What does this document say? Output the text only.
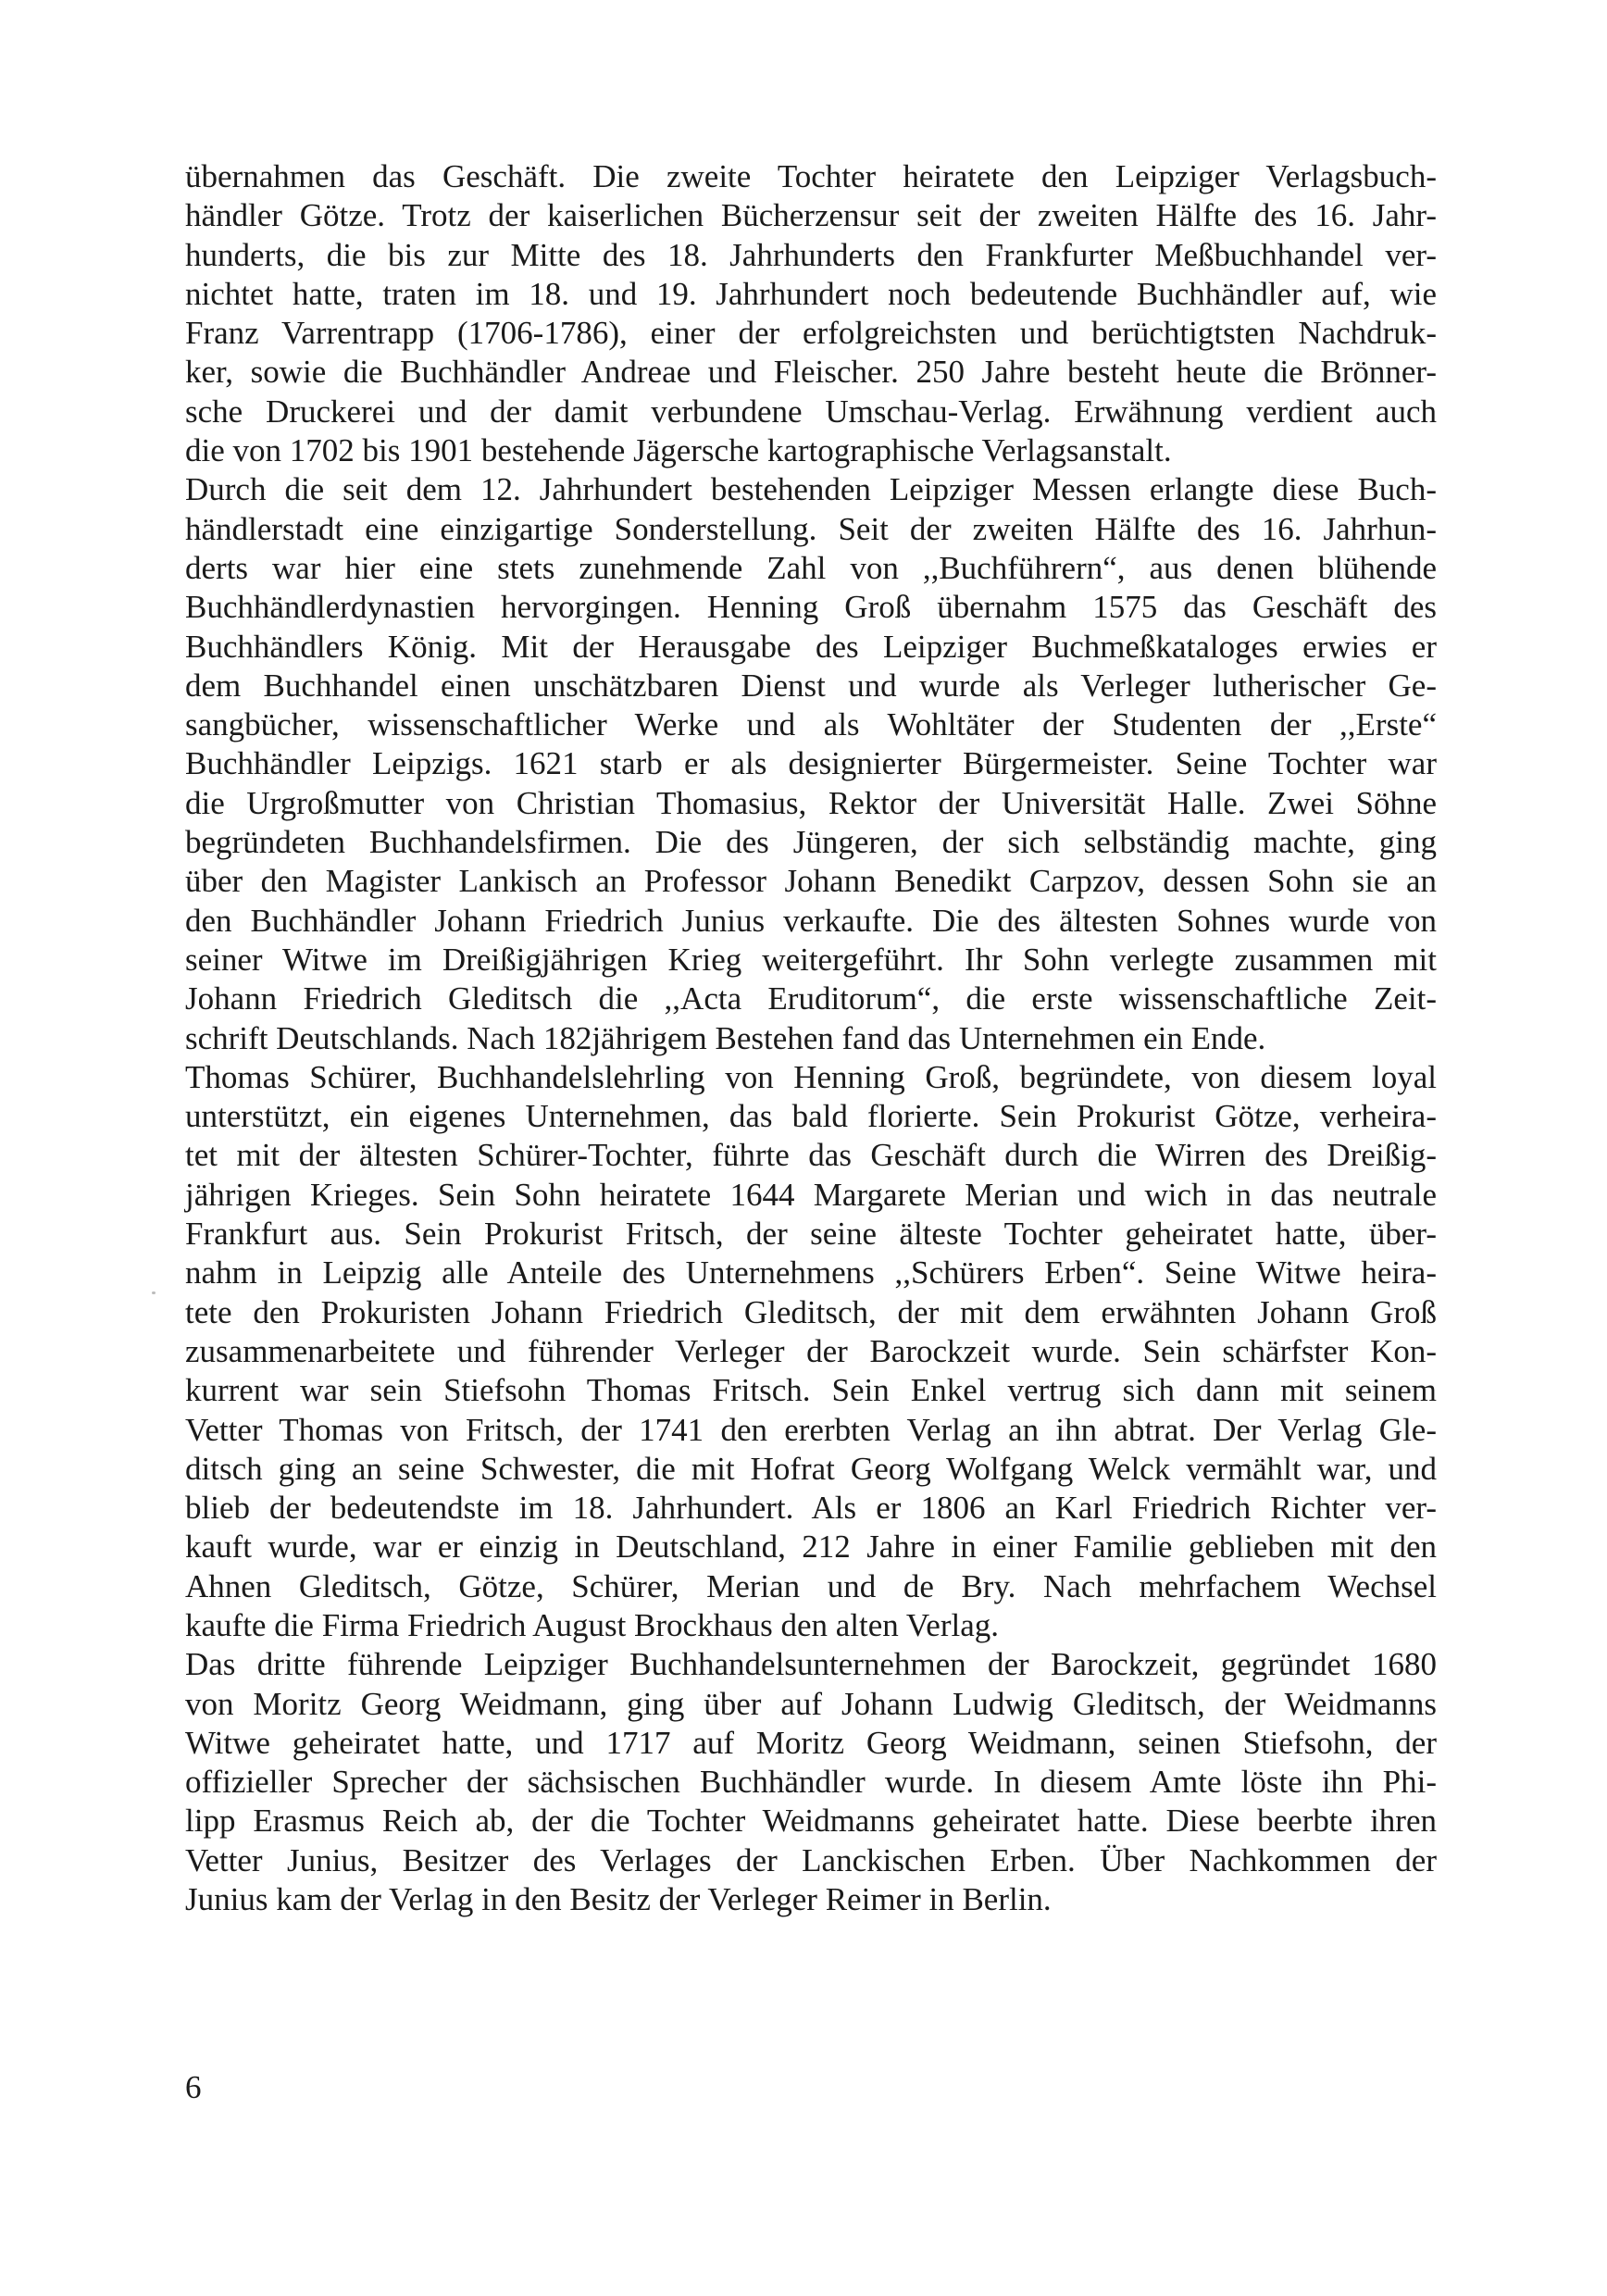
übernahmen das Geschäft. Die zweite Tochter heiratete den Leipziger Verlagsbuch-
händler Götze. Trotz der kaiserlichen Bücherzensur seit der zweiten Hälfte des 16. Jahr-
hunderts, die bis zur Mitte des 18. Jahrhunderts den Frankfurter Meßbuchhandel ver-
nichtet hatte, traten im 18. und 19. Jahrhundert noch bedeutende Buchhändler auf, wie
Franz Varrentrapp (1706-1786), einer der erfolgreichsten und berüchtigtsten Nachdruk-
ker, sowie die Buchhändler Andreae und Fleischer. 250 Jahre besteht heute die Brönner-
sche Druckerei und der damit verbundene Umschau-Verlag. Erwähnung verdient auch
die von 1702 bis 1901 bestehende Jägersche kartographische Verlagsanstalt.
Durch die seit dem 12. Jahrhundert bestehenden Leipziger Messen erlangte diese Buch-
händlerstadt eine einzigartige Sonderstellung. Seit der zweiten Hälfte des 16. Jahrhun-
derts war hier eine stets zunehmende Zahl von ,,Buchführern“, aus denen blühende
Buchhändlerdynastien hervorgingen. Henning Groß übernahm 1575 das Geschäft des
Buchhändlers König. Mit der Herausgabe des Leipziger Buchmeßkataloges erwies er
dem Buchhandel einen unschätzbaren Dienst und wurde als Verleger lutherischer Ge-
sangbücher, wissenschaftlicher Werke und als Wohltäter der Studenten der ,,Erste“
Buchhändler Leipzigs. 1621 starb er als designierter Bürgermeister. Seine Tochter war
die Urgroßmutter von Christian Thomasius, Rektor der Universität Halle. Zwei Söhne
begründeten Buchhandelsfirmen. Die des Jüngeren, der sich selbständig machte, ging
über den Magister Lankisch an Professor Johann Benedikt Carpzov, dessen Sohn sie an
den Buchhändler Johann Friedrich Junius verkaufte. Die des ältesten Sohnes wurde von
seiner Witwe im Dreißigjährigen Krieg weitergeführt. Ihr Sohn verlegte zusammen mit
Johann Friedrich Gleditsch die ,,Acta Eruditorum“, die erste wissenschaftliche Zeit-
schrift Deutschlands. Nach 182jährigem Bestehen fand das Unternehmen ein Ende.
Thomas Schürer, Buchhandelslehrling von Henning Groß, begründete, von diesem loyal
unterstützt, ein eigenes Unternehmen, das bald florierte. Sein Prokurist Götze, verheira-
tet mit der ältesten Schürer-Tochter, führte das Geschäft durch die Wirren des Dreißig-
jährigen Krieges. Sein Sohn heiratete 1644 Margarete Merian und wich in das neutrale
Frankfurt aus. Sein Prokurist Fritsch, der seine älteste Tochter geheiratet hatte, über-
nahm in Leipzig alle Anteile des Unternehmens ,,Schürers Erben“. Seine Witwe heira-
tete den Prokuristen Johann Friedrich Gleditsch, der mit dem erwähnten Johann Groß
zusammenarbeitete und führender Verleger der Barockzeit wurde. Sein schärfster Kon-
kurrent war sein Stiefsohn Thomas Fritsch. Sein Enkel vertrug sich dann mit seinem
Vetter Thomas von Fritsch, der 1741 den ererbten Verlag an ihn abtrat. Der Verlag Gle-
ditsch ging an seine Schwester, die mit Hofrat Georg Wolfgang Welck vermählt war, und
blieb der bedeutendste im 18. Jahrhundert. Als er 1806 an Karl Friedrich Richter ver-
kauft wurde, war er einzig in Deutschland, 212 Jahre in einer Familie geblieben mit den
Ahnen Gleditsch, Götze, Schürer, Merian und de Bry. Nach mehrfachem Wechsel
kaufte die Firma Friedrich August Brockhaus den alten Verlag.
Das dritte führende Leipziger Buchhandelsunternehmen der Barockzeit, gegründet 1680
von Moritz Georg Weidmann, ging über auf Johann Ludwig Gleditsch, der Weidmanns
Witwe geheiratet hatte, und 1717 auf Moritz Georg Weidmann, seinen Stiefsohn, der
offizieller Sprecher der sächsischen Buchhändler wurde. In diesem Amte löste ihn Phi-
lipp Erasmus Reich ab, der die Tochter Weidmanns geheiratet hatte. Diese beerbte ihren
Vetter Junius, Besitzer des Verlages der Lanckischen Erben. Über Nachkommen der
Junius kam der Verlag in den Besitz der Verleger Reimer in Berlin.
6
